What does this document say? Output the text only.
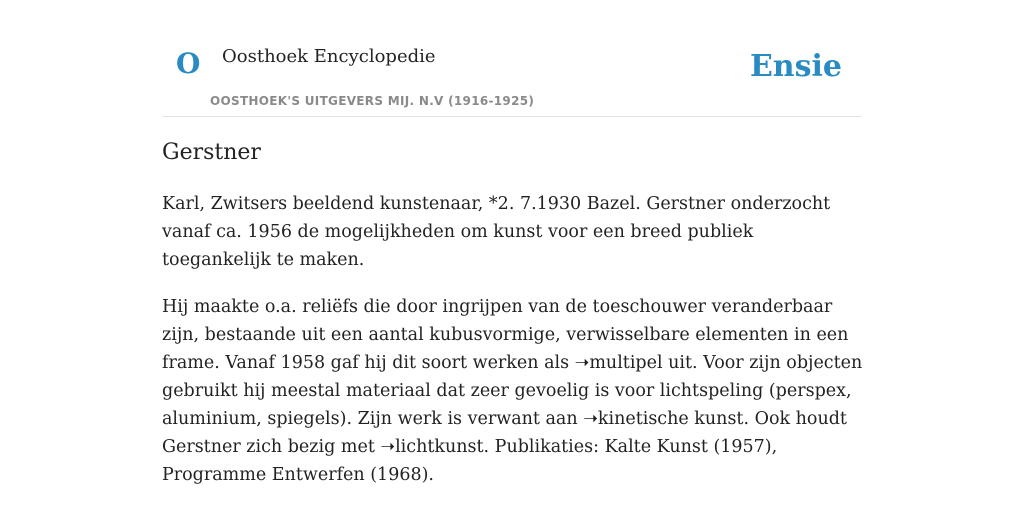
O Oosthoek Encyclopedie
OOSTHOEK'S UITGEVERS MIJ. N.V (1916-1925)
Ensie
Gerstner

Karl, Zwitsers beeldend kunstenaar, *2. 7.1930 Bazel. Gerstner onderzocht vanaf ca. 1956 de mogelijkheden om kunst voor een breed publiek toegankelijk te maken.

Hij maakte o.a. reliëfs die door ingrijpen van de toeschouwer veranderbaar zijn, bestaande uit een aantal kubusvormige, verwisselbare elementen in een frame. Vanaf 1958 gaf hij dit soort werken als ➝multipel uit. Voor zijn objecten gebruikt hij meestal materiaal dat zeer gevoelig is voor lichtspeling (perspex, aluminium, spiegels). Zijn werk is verwant aan ➝kinetische kunst. Ook houdt Gerstner zich bezig met ➝lichtkunst. Publikaties: Kalte Kunst (1957), Programme Entwerfen (1968).
